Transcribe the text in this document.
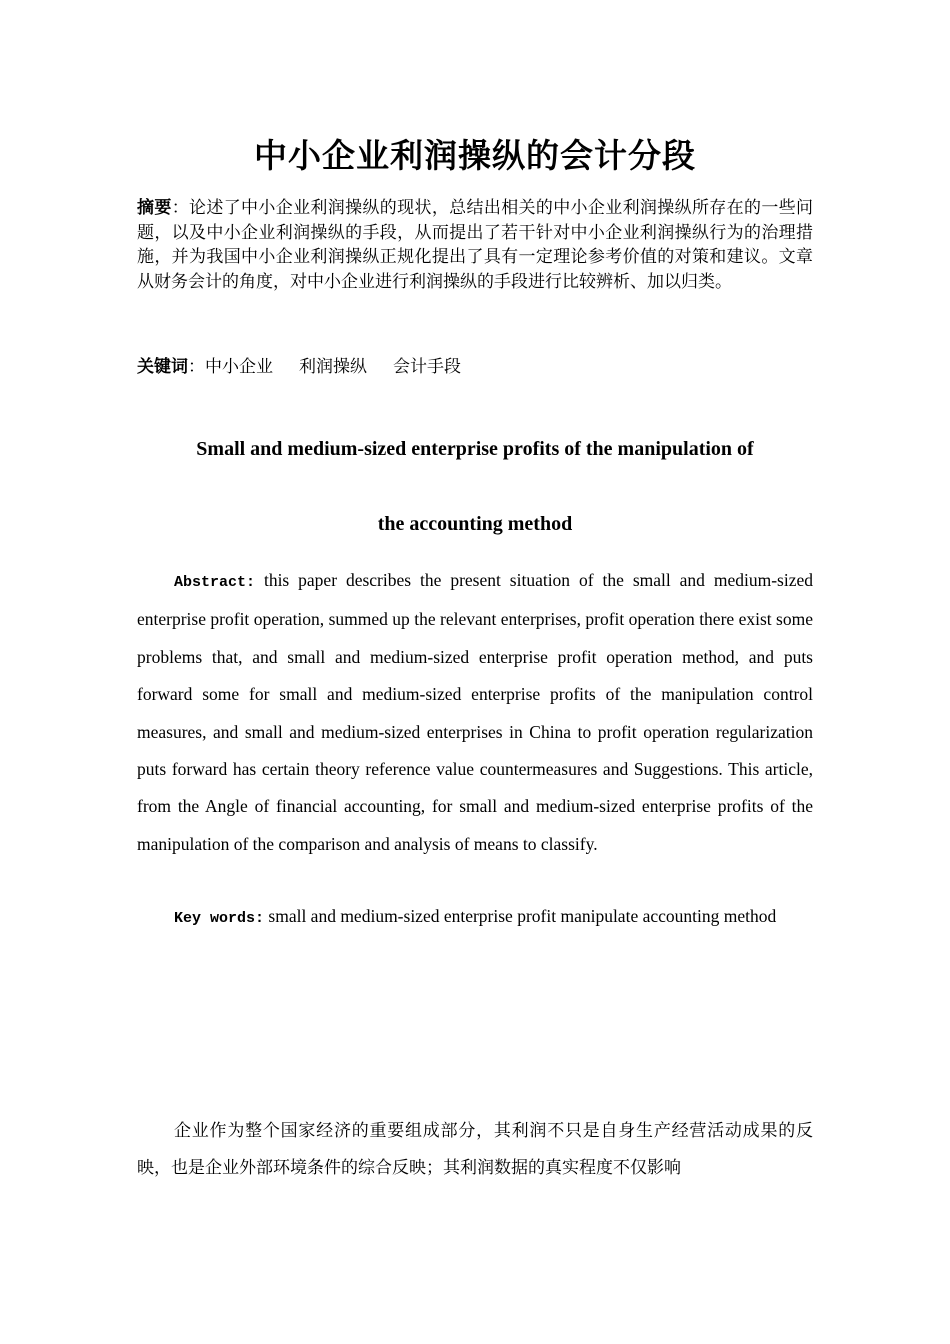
中小企业利润操纵的会计分段
摘要：论述了中小企业利润操纵的现状，总结出相关的中小企业利润操纵所存在的一些问题，以及中小企业利润操纵的手段，从而提出了若干针对中小企业利润操纵行为的治理措施，并为我国中小企业利润操纵正规化提出了具有一定理论参考价值的对策和建议。文章从财务会计的角度，对中小企业进行利润操纵的手段进行比较辨析、加以归类。
关键词：中小企业 利润操纵 会计手段
Small and medium-sized enterprise profits of the manipulation of
the accounting method
Abstract: this paper describes the present situation of the small and medium-sized enterprise profit operation, summed up the relevant enterprises, profit operation there exist some problems that, and small and medium-sized enterprise profit operation method, and puts forward some for small and medium-sized enterprise profits of the manipulation control measures, and small and medium-sized enterprises in China to profit operation regularization puts forward has certain theory reference value countermeasures and Suggestions. This article, from the Angle of financial accounting, for small and medium-sized enterprise profits of the manipulation of the comparison and analysis of means to classify.
Key words: small and medium-sized enterprise profit manipulate accounting method
企业作为整个国家经济的重要组成部分，其利润不只是自身生产经营活动成果的反映，也是企业外部环境条件的综合反映；其利润数据的真实程度不仅影响
